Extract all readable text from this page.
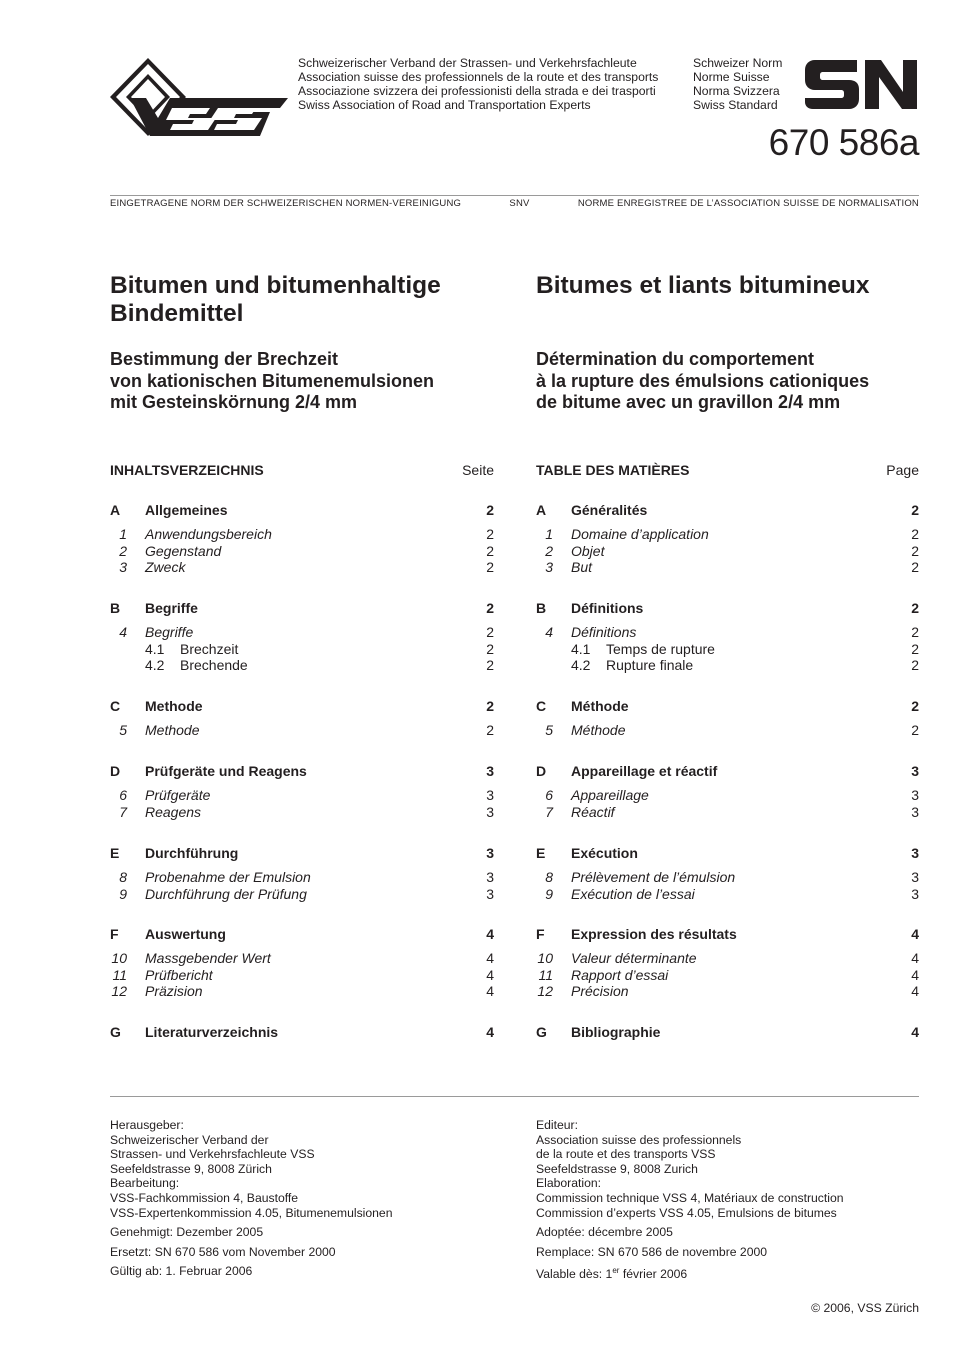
Schweizerischer Verband der Strassen- und Verkehrsfachleute
Association suisse des professionnels de la route et des transports
Associazione svizzera dei professionisti della strada e dei trasporti
Swiss Association of Road and Transportation Experts
Schweizer Norm
Norme Suisse
Norma Svizzera
Swiss Standard
670 586a
EINGETRAGENE NORM DER SCHWEIZERISCHEN NORMEN-VEREINIGUNG	SNV	NORME ENREGISTREE DE L’ASSOCIATION SUISSE DE NORMALISATION
Bitumen und bitumenhaltige
Bindemittel
Bitumes et liants bitumineux
Bestimmung der Brechzeit
von kationischen Bitumenemulsionen
mit Gesteinskörnung 2/4 mm
Détermination du comportement
à la rupture des émulsions cationiques
de bitume avec un gravillon 2/4 mm
INHALTSVERZEICHNIS	Seite	TABLE DES MATIÈRES	Page
A	Allgemeines	2
1	Anwendungsbereich	2
2	Gegenstand	2
3	Zweck	2
B	Begriffe	2
4	Begriffe	2
4.1 Brechzeit	2
4.2 Brechende	2
C	Methode	2
5	Methode	2
D	Prüfgeräte und Reagens	3
6	Prüfgeräte	3
7	Reagens	3
E	Durchführung	3
8	Probenahme der Emulsion	3
9	Durchführung der Prüfung	3
F	Auswertung	4
10	Massgebender Wert	4
11	Prüfbericht	4
12	Präzision	4
G	Literaturverzeichnis	4
A	Généralités	2
1	Domaine d’application	2
2	Objet	2
3	But	2
B	Définitions	2
4	Définitions	2
4.1 Temps de rupture	2
4.2 Rupture finale	2
C	Méthode	2
5	Méthode	2
D	Appareillage et réactif	3
6	Appareillage	3
7	Réactif	3
E	Exécution	3
8	Prélèvement de l’émulsion	3
9	Exécution de l’essai	3
F	Expression des résultats	4
10	Valeur déterminante	4
11	Rapport d’essai	4
12	Précision	4
G	Bibliographie	4

Herausgeber:

Schweizerischer Verband der

Strassen- und Verkehrsfachleute VSS

Seefeldstrasse 9, 8008 Zürich

Bearbeitung:

VSS-Fachkommission 4, Baustoffe

VSS-Expertenkommission 4.05, Bitumenemulsionen

Genehmigt: Dezember 2005

Ersetzt: SN 670 586 vom November 2000

Gültig ab: 1. Februar 2006

Editeur:

Association suisse des professionnels

de la route et des transports VSS

Seefeldstrasse 9, 8008 Zurich

Elaboration:

Commission technique VSS 4, Matériaux de construction

Commission d’experts VSS 4.05, Emulsions de bitumes

Adoptée: décembre 2005

Remplace: SN 670 586 de novembre 2000

Valable dès: 1er février 2006

© 2006, VSS Zürich
